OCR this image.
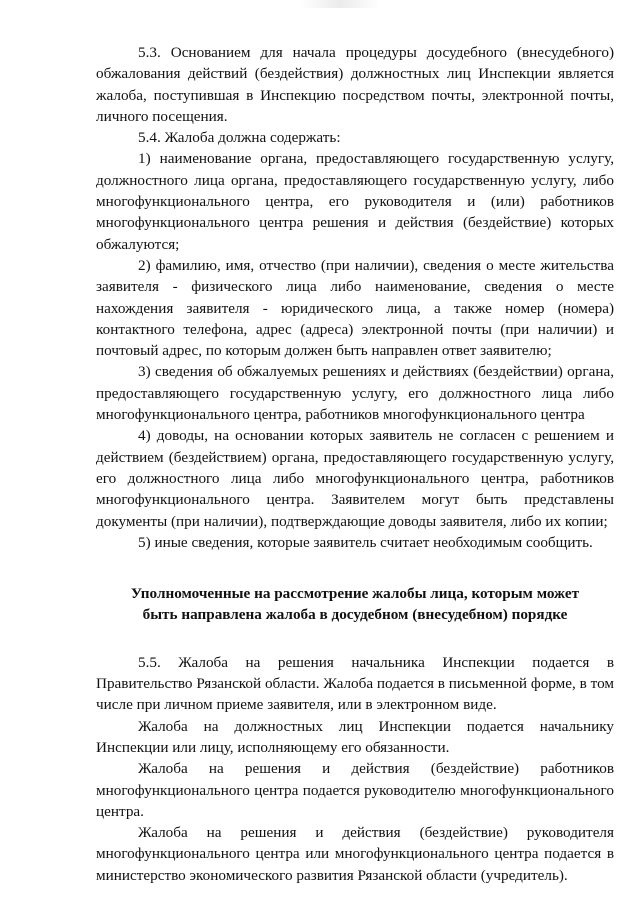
5.3. Основанием для начала процедуры досудебного (внесудебного) обжалования действий (бездействия) должностных лиц Инспекции является жалоба, поступившая в Инспекцию посредством почты, электронной почты, личного посещения.

5.4. Жалоба должна содержать:

1) наименование органа, предоставляющего государственную услугу, должностного лица органа, предоставляющего государственную услугу, либо многофункционального центра, его руководителя и (или) работников многофункционального центра решения и действия (бездействие) которых обжалуются;

2) фамилию, имя, отчество (при наличии), сведения о месте жительства заявителя - физического лица либо наименование, сведения о месте нахождения заявителя - юридического лица, а также номер (номера) контактного телефона, адрес (адреса) электронной почты (при наличии) и почтовый адрес, по которым должен быть направлен ответ заявителю;

3) сведения об обжалуемых решениях и действиях (бездействии) органа, предоставляющего государственную услугу, его должностного лица либо многофункционального центра, работников многофункционального центра

4) доводы, на основании которых заявитель не согласен с решением и действием (бездействием) органа, предоставляющего государственную услугу, его должностного лица либо многофункционального центра, работников многофункционального центра. Заявителем могут быть представлены документы (при наличии), подтверждающие доводы заявителя, либо их копии;

5) иные сведения, которые заявитель считает необходимым сообщить.

Уполномоченные на рассмотрение жалобы лица, которым может быть направлена жалоба в досудебном (внесудебном) порядке

5.5. Жалоба на решения начальника Инспекции подается в Правительство Рязанской области. Жалоба подается в письменной форме, в том числе при личном приеме заявителя, или в электронном виде.

Жалоба на должностных лиц Инспекции подается начальнику Инспекции или лицу, исполняющему его обязанности.

Жалоба на решения и действия (бездействие) работников многофункционального центра подается руководителю многофункционального центра.

Жалоба на решения и действия (бездействие) руководителя многофункционального центра или многофункционального центра подается в министерство экономического развития Рязанской области (учредитель).
